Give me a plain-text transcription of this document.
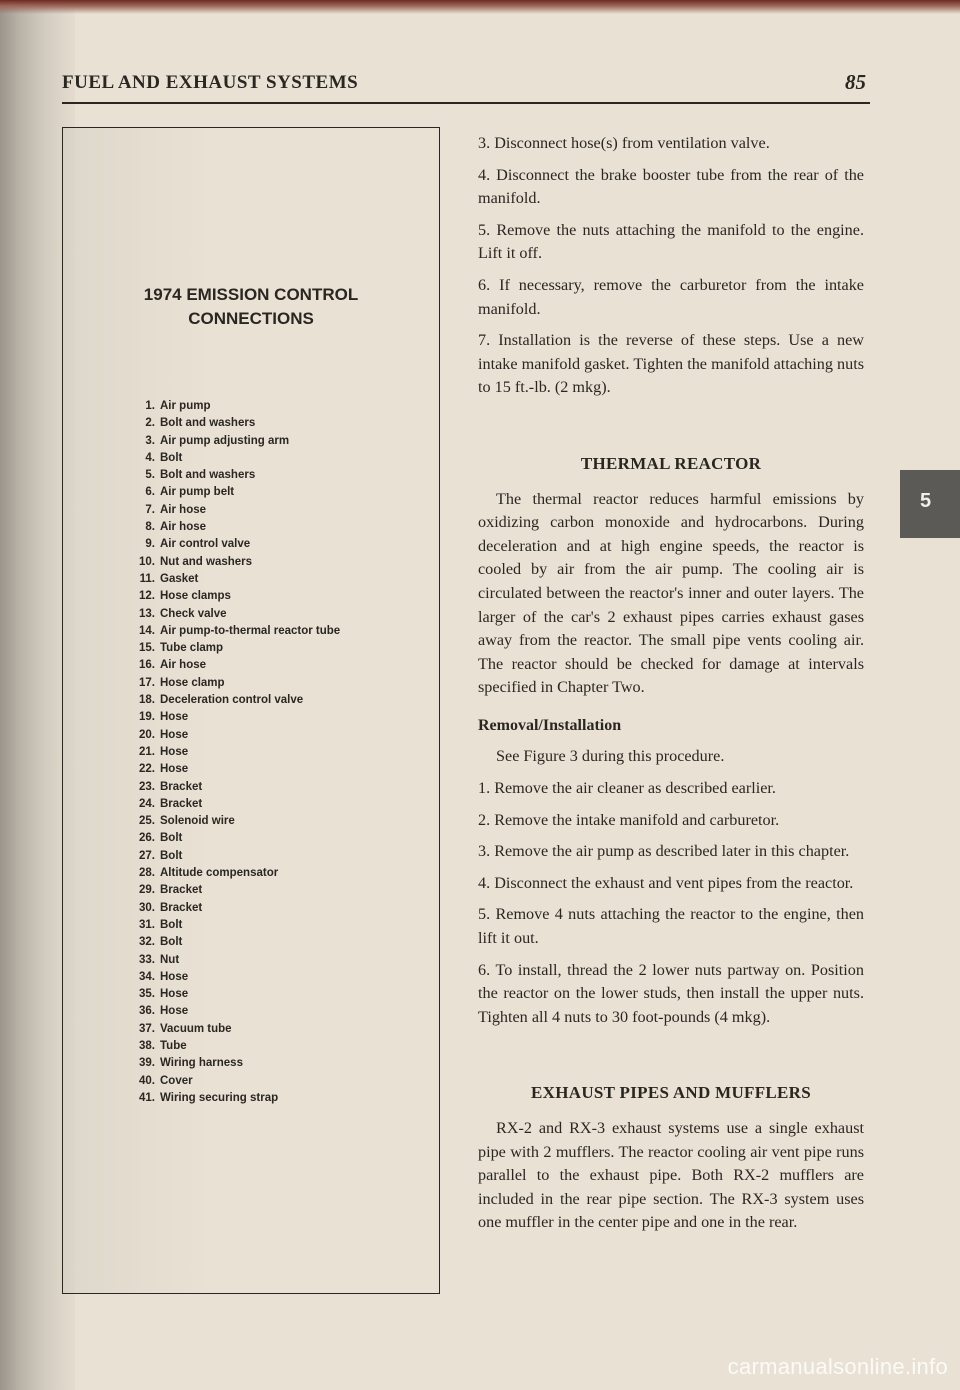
FUEL AND EXHAUST SYSTEMS	85
1974 EMISSION CONTROL
CONNECTIONS
1. Air pump
2. Bolt and washers
3. Air pump adjusting arm
4. Bolt
5. Bolt and washers
6. Air pump belt
7. Air hose
8. Air hose
9. Air control valve
10. Nut and washers
11. Gasket
12. Hose clamps
13. Check valve
14. Air pump-to-thermal reactor tube
15. Tube clamp
16. Air hose
17. Hose clamp
18. Deceleration control valve
19. Hose
20. Hose
21. Hose
22. Hose
23. Bracket
24. Bracket
25. Solenoid wire
26. Bolt
27. Bolt
28. Altitude compensator
29. Bracket
30. Bracket
31. Bolt
32. Bolt
33. Nut
34. Hose
35. Hose
36. Hose
37. Vacuum tube
38. Tube
39. Wiring harness
40. Cover
41. Wiring securing strap

3. Disconnect hose(s) from ventilation valve.

4. Disconnect the brake booster tube from the rear of the manifold.

5. Remove the nuts attaching the manifold to the engine. Lift it off.

6. If necessary, remove the carburetor from the intake manifold.

7. Installation is the reverse of these steps. Use a new intake manifold gasket. Tighten the manifold attaching nuts to 15 ft.-lb. (2 mkg).

THERMAL REACTOR

The thermal reactor reduces harmful emissions by oxidizing carbon monoxide and hydrocarbons. During deceleration and at high engine speeds, the reactor is cooled by air from the air pump. The cooling air is circulated between the reactor's inner and outer layers. The larger of the car's 2 exhaust pipes carries exhaust gases away from the reactor. The small pipe vents cooling air. The reactor should be checked for damage at intervals specified in Chapter Two.

Removal/Installation

See Figure 3 during this procedure.

1. Remove the air cleaner as described earlier.

2. Remove the intake manifold and carburetor.

3. Remove the air pump as described later in this chapter.

4. Disconnect the exhaust and vent pipes from the reactor.

5. Remove 4 nuts attaching the reactor to the engine, then lift it out.

6. To install, thread the 2 lower nuts partway on. Position the reactor on the lower studs, then install the upper nuts. Tighten all 4 nuts to 30 foot-pounds (4 mkg).

EXHAUST PIPES AND MUFFLERS

RX-2 and RX-3 exhaust systems use a single exhaust pipe with 2 mufflers. The reactor cooling air vent pipe runs parallel to the exhaust pipe. Both RX-2 mufflers are included in the rear pipe section. The RX-3 system uses one muffler in the center pipe and one in the rear.

5
carmanualsonline.info
